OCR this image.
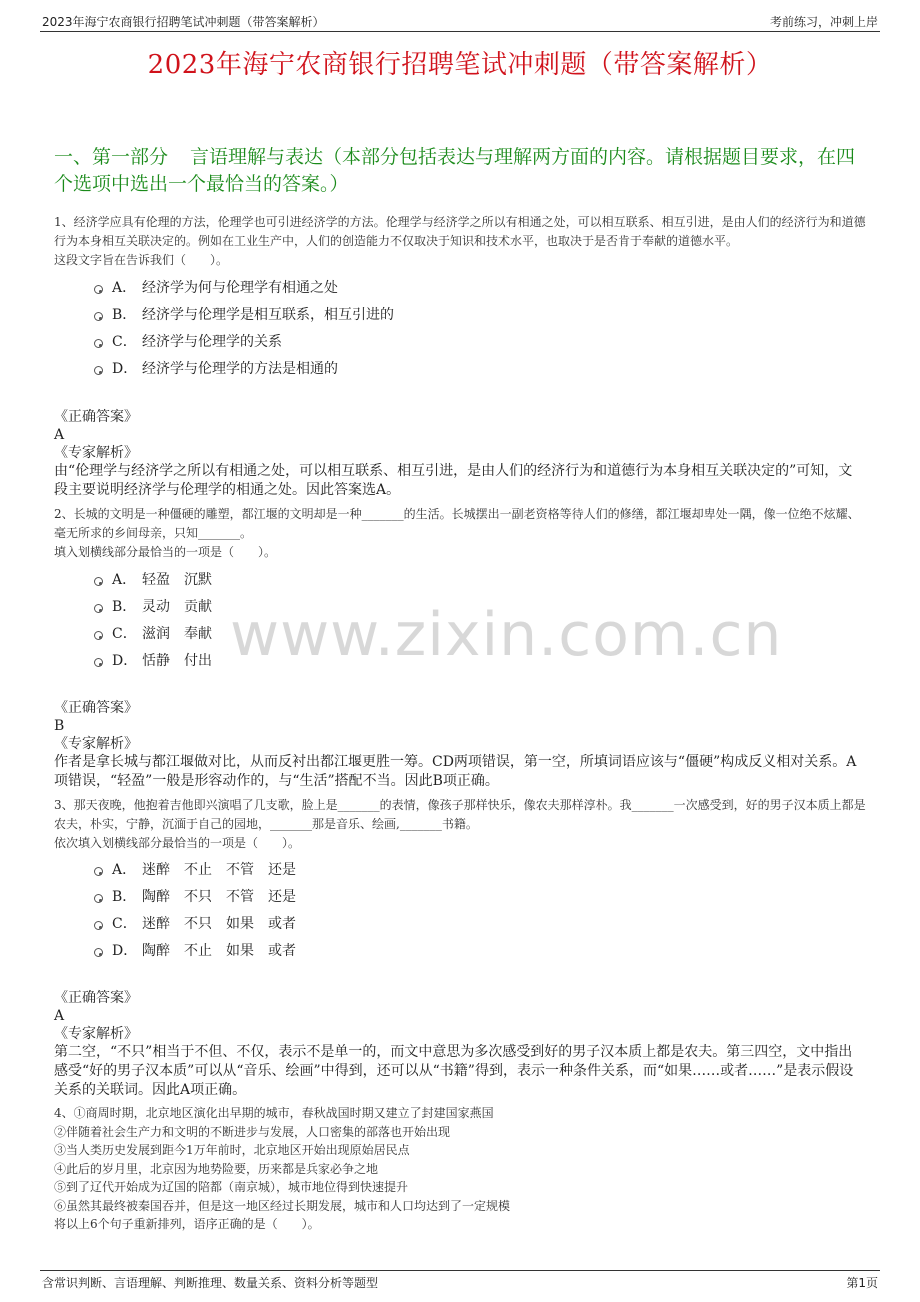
2023年海宁农商银行招聘笔试冲刺题（带答案解析）	考前练习，冲刺上岸
2023年海宁农商银行招聘笔试冲刺题（带答案解析）
一、第一部分 言语理解与表达（本部分包括表达与理解两方面的内容。请根据题目要求，在四个选项中选出一个最恰当的答案。）
www.zixin.com.cn
1、经济学应具有伦理的方法，伦理学也可引进经济学的方法。伦理学与经济学之所以有相通之处，可以相互联系、相互引进，是由人们的经济行为和道德行为本身相互关联决定的。例如在工业生产中，人们的创造能力不仅取决于知识和技术水平，也取决于是否肯于奉献的道德水平。
这段文字旨在告诉我们（　　）。
A． 经济学为何与伦理学有相通之处
B． 经济学与伦理学是相互联系，相互引进的
C． 经济学与伦理学的关系
D． 经济学与伦理学的方法是相通的
《正确答案》
A
《专家解析》
由“伦理学与经济学之所以有相通之处，可以相互联系、相互引进，是由人们的经济行为和道德行为本身相互关联决定的”可知，文段主要说明经济学与伦理学的相通之处。因此答案选A。
2、长城的文明是一种僵硬的雕塑，都江堰的文明却是一种_______的生活。长城摆出一副老资格等待人们的修缮，都江堰却卑处一隅，像一位绝不炫耀、毫无所求的乡间母亲，只知_______。
填入划横线部分最恰当的一项是（　　）。
A． 轻盈　沉默
B． 灵动　贡献
C． 滋润　奉献
D． 恬静　付出
《正确答案》
B
《专家解析》
作者是拿长城与都江堰做对比，从而反衬出都江堰更胜一筹。CD两项错误，第一空，所填词语应该与“僵硬”构成反义相对关系。A项错误，“轻盈”一般是形容动作的，与“生活”搭配不当。因此B项正确。
3、那天夜晚，他抱着吉他即兴演唱了几支歌，脸上是_______的表情，像孩子那样快乐，像农夫那样淳朴。我_______一次感受到，好的男子汉本质上都是农夫，朴实，宁静，沉湎于自己的园地，_______那是音乐、绘画,_______书籍。
依次填入划横线部分最恰当的一项是（　　）。
A． 迷醉　不止　不管　还是
B． 陶醉　不只　不管　还是
C． 迷醉　不只　如果　或者
D． 陶醉　不止　如果　或者
《正确答案》
A
《专家解析》
第二空，“不只”相当于不但、不仅，表示不是单一的，而文中意思为多次感受到好的男子汉本质上都是农夫。第三四空，文中指出感受“好的男子汉本质”可以从“音乐、绘画”中得到，还可以从“书籍”得到，表示一种条件关系，而“如果……或者……”是表示假设关系的关联词。因此A项正确。
4、①商周时期，北京地区演化出早期的城市，春秋战国时期又建立了封建国家燕国
②伴随着社会生产力和文明的不断进步与发展，人口密集的部落也开始出现
③当人类历史发展到距今1万年前时，北京地区开始出现原始居民点
④此后的岁月里，北京因为地势险要，历来都是兵家必争之地
⑤到了辽代开始成为辽国的陪都（南京城），城市地位得到快速提升
⑥虽然其最终被秦国吞并，但是这一地区经过长期发展，城市和人口均达到了一定规模
将以上6个句子重新排列，语序正确的是（　　）。
含常识判断、言语理解、判断推理、数量关系、资料分析等题型	第1页
